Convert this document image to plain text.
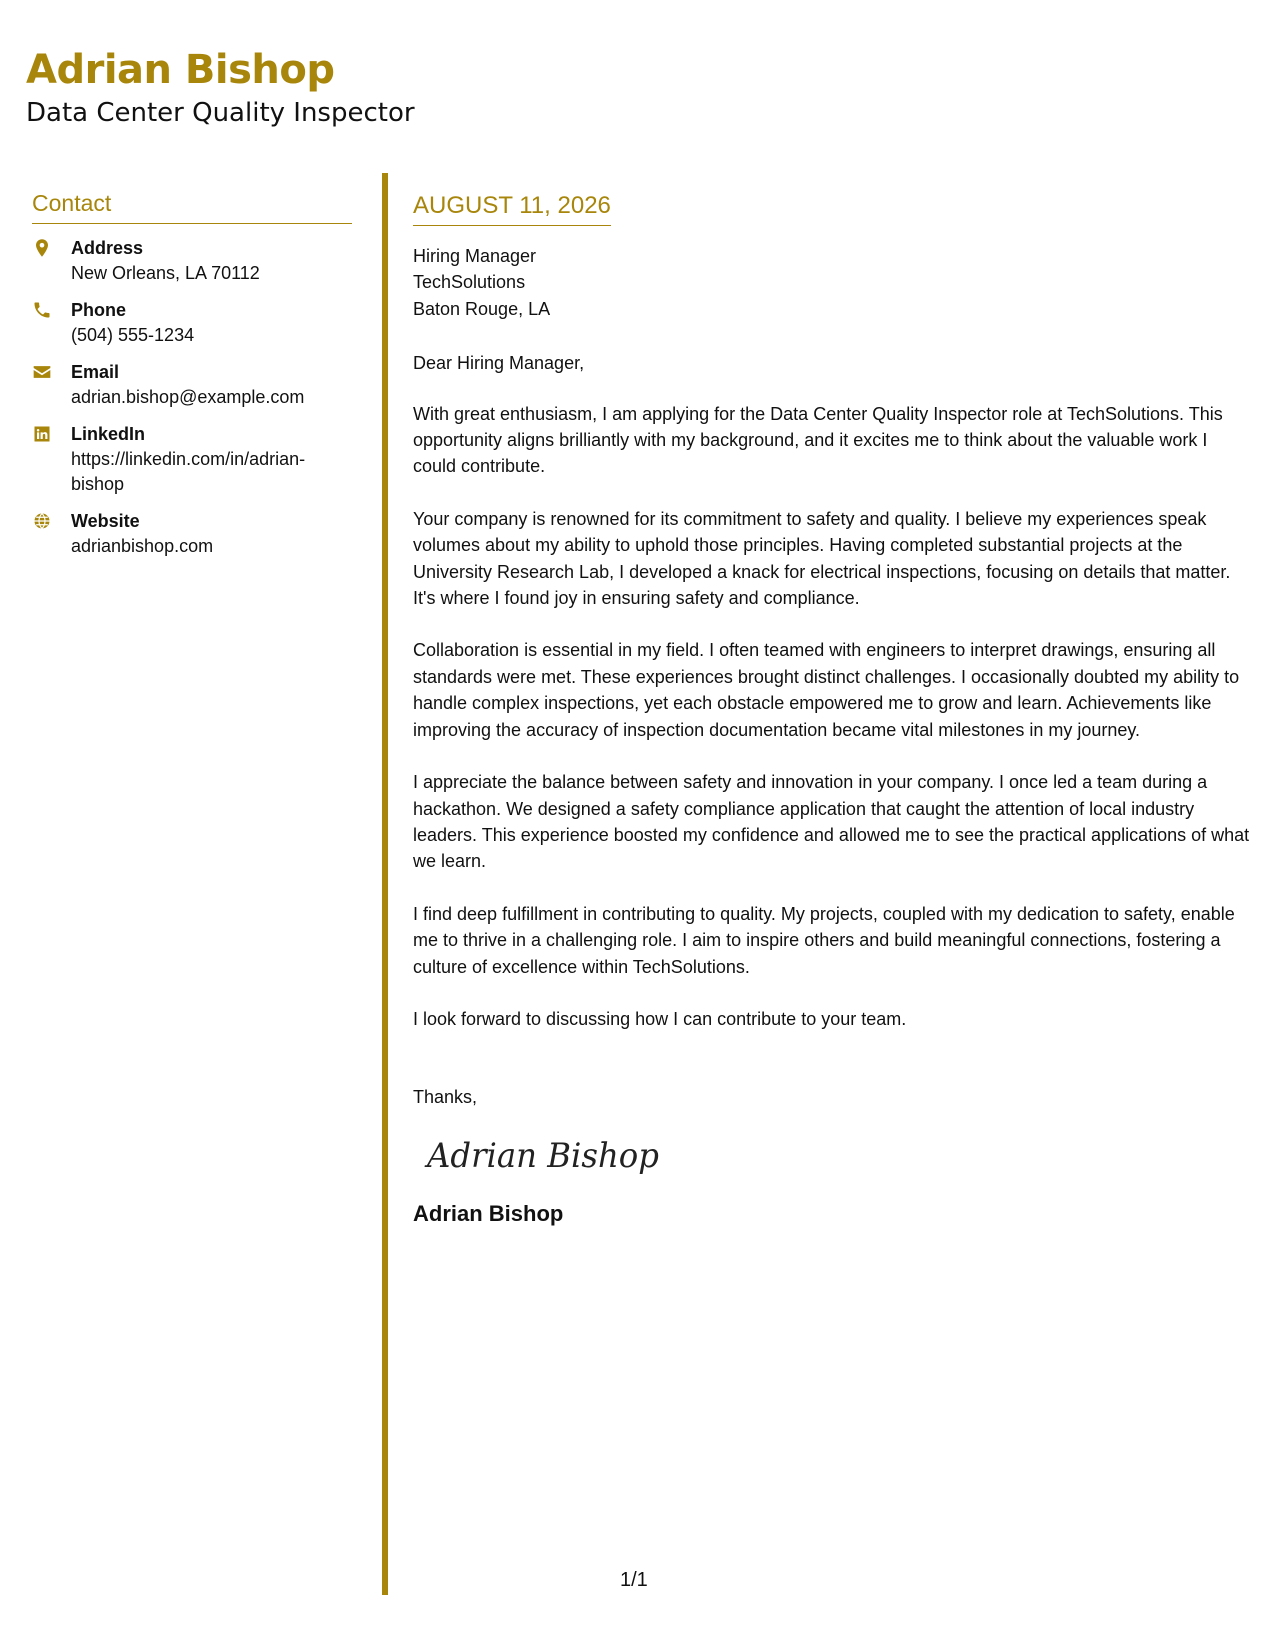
Adrian Bishop
Data Center Quality Inspector
Contact
Address
New Orleans, LA 70112
Phone
(504) 555-1234
Email
adrian.bishop@example.com
LinkedIn
https://linkedin.com/in/adrian-bishop
Website
adrianbishop.com
AUGUST 11, 2026
Hiring Manager
TechSolutions
Baton Rouge, LA
Dear Hiring Manager,

With great enthusiasm, I am applying for the Data Center Quality Inspector role at TechSolutions. This opportunity aligns brilliantly with my background, and it excites me to think about the valuable work I could contribute.

Your company is renowned for its commitment to safety and quality. I believe my experiences speak volumes about my ability to uphold those principles. Having completed substantial projects at the University Research Lab, I developed a knack for electrical inspections, focusing on details that matter. It's where I found joy in ensuring safety and compliance.

Collaboration is essential in my field. I often teamed with engineers to interpret drawings, ensuring all standards were met. These experiences brought distinct challenges. I occasionally doubted my ability to handle complex inspections, yet each obstacle empowered me to grow and learn. Achievements like improving the accuracy of inspection documentation became vital milestones in my journey.

I appreciate the balance between safety and innovation in your company. I once led a team during a hackathon. We designed a safety compliance application that caught the attention of local industry leaders. This experience boosted my confidence and allowed me to see the practical applications of what we learn.

I find deep fulfillment in contributing to quality. My projects, coupled with my dedication to safety, enable me to thrive in a challenging role. I aim to inspire others and build meaningful connections, fostering a culture of excellence within TechSolutions.

I look forward to discussing how I can contribute to your team.

Thanks,
Adrian Bishop
Adrian Bishop
1/1
